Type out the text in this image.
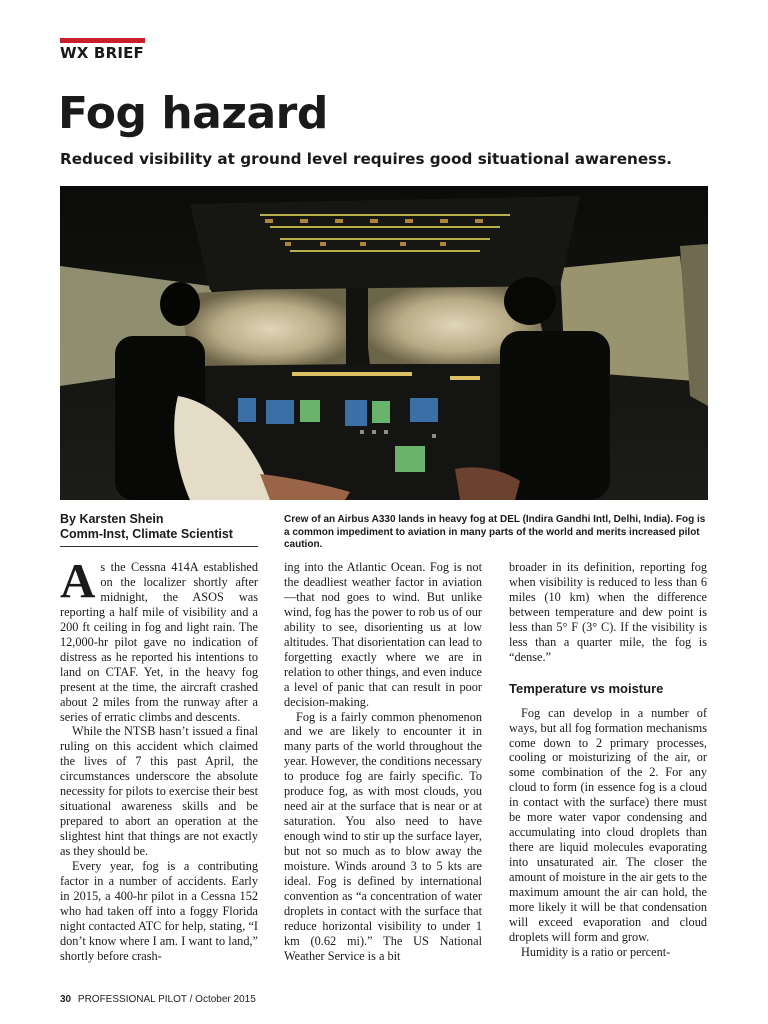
WX BRIEF
Fog hazard
Reduced visibility at ground level requires good situational awareness.
By Karsten Shein
Comm-Inst, Climate Scientist

Crew of an Airbus A330 lands in heavy fog at DEL (Indira Gandhi Intl, Delhi, India). Fog is a common impediment to aviation in many parts of the world and merits increased pilot caution.

As the Cessna 414A established on the localizer shortly after midnight, the ASOS was reporting a half mile of visibility and a 200 ft ceiling in fog and light rain. The 12,000-hr pilot gave no indication of distress as he reported his intentions to land on CTAF. Yet, in the heavy fog present at the time, the aircraft crashed about 2 miles from the runway after a series of erratic climbs and descents.

While the NTSB hasn’t issued a final ruling on this accident which claimed the lives of 7 this past April, the circumstances underscore the absolute necessity for pilots to exercise their best situational awareness skills and be prepared to abort an operation at the slightest hint that things are not exactly as they should be.

Every year, fog is a contributing factor in a number of accidents. Early in 2015, a 400-hr pilot in a Cessna 152 who had taken off into a foggy Florida night contacted ATC for help, stating, “I don’t know where I am. I want to land,” shortly before crash-

ing into the Atlantic Ocean. Fog is not the deadliest weather factor in aviation—that nod goes to wind. But unlike wind, fog has the power to rob us of our ability to see, disorienting us at low altitudes. That disorientation can lead to forgetting exactly where we are in relation to other things, and even induce a level of panic that can result in poor decision-making.

Fog is a fairly common phenomenon and we are likely to encounter it in many parts of the world throughout the year. However, the conditions necessary to produce fog are fairly specific. To produce fog, as with most clouds, you need air at the surface that is near or at saturation. You also need to have enough wind to stir up the surface layer, but not so much as to blow away the moisture. Winds around 3 to 5 kts are ideal. Fog is defined by international convention as “a concentration of water droplets in contact with the surface that reduce horizontal visibility to under 1 km (0.62 mi).” The US National Weather Service is a bit

broader in its definition, reporting fog when visibility is reduced to less than 6 miles (10 km) when the difference between temperature and dew point is less than 5° F (3° C). If the visibility is less than a quarter mile, the fog is “dense.”

Temperature vs moisture

Fog can develop in a number of ways, but all fog formation mechanisms come down to 2 primary processes, cooling or moisturizing of the air, or some combination of the 2. For any cloud to form (in essence fog is a cloud in contact with the surface) there must be more water vapor condensing and accumulating into cloud droplets than there are liquid molecules evaporating into unsaturated air. The closer the amount of moisture in the air gets to the maximum amount the air can hold, the more likely it will be that condensation will exceed evaporation and cloud droplets will form and grow.

Humidity is a ratio or percent-

30 PROFESSIONAL PILOT / October 2015
